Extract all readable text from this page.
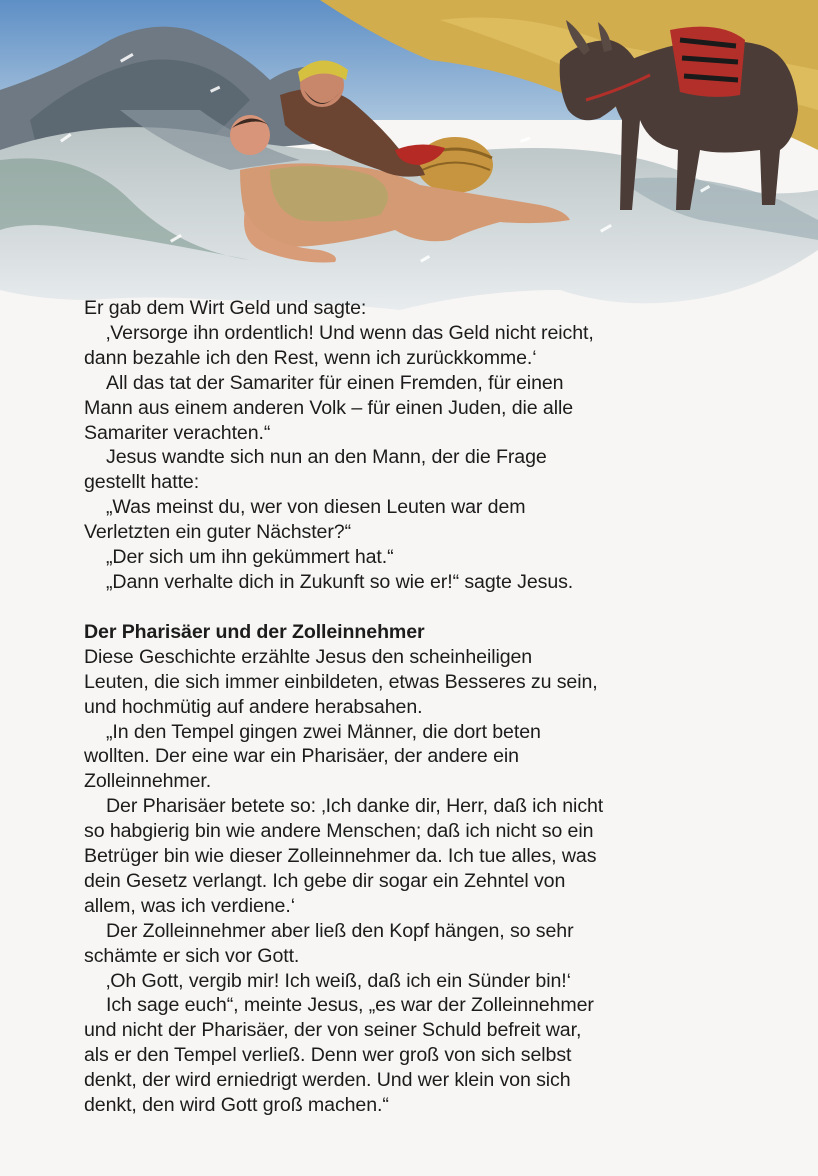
Er gab dem Wirt Geld und sagte:
‚Versorge ihn ordentlich! Und wenn das Geld nicht reicht,
dann bezahle ich den Rest, wenn ich zurückkomme.‘
All das tat der Samariter für einen Fremden, für einen
Mann aus einem anderen Volk – für einen Juden, die alle
Samariter verachten.“
Jesus wandte sich nun an den Mann, der die Frage
gestellt hatte:
„Was meinst du, wer von diesen Leuten war dem
Verletzten ein guter Nächster?“
„Der sich um ihn gekümmert hat.“
„Dann verhalte dich in Zukunft so wie er!“ sagte Jesus.

Der Pharisäer und der Zolleinnehmer
Diese Geschichte erzählte Jesus den scheinheiligen
Leuten, die sich immer einbildeten, etwas Besseres zu sein,
und hochmütig auf andere herabsahen.
„In den Tempel gingen zwei Männer, die dort beten
wollten. Der eine war ein Pharisäer, der andere ein
Zolleinnehmer.
Der Pharisäer betete so: ‚Ich danke dir, Herr, daß ich nicht
so habgierig bin wie andere Menschen; daß ich nicht so ein
Betrüger bin wie dieser Zolleinnehmer da. Ich tue alles, was
dein Gesetz verlangt. Ich gebe dir sogar ein Zehntel von
allem, was ich verdiene.‘
Der Zolleinnehmer aber ließ den Kopf hängen, so sehr
schämte er sich vor Gott.
‚Oh Gott, vergib mir! Ich weiß, daß ich ein Sünder bin!‘
Ich sage euch“, meinte Jesus, „es war der Zolleinnehmer
und nicht der Pharisäer, der von seiner Schuld befreit war,
als er den Tempel verließ. Denn wer groß von sich selbst
denkt, der wird erniedrigt werden. Und wer klein von sich
denkt, den wird Gott groß machen.“
